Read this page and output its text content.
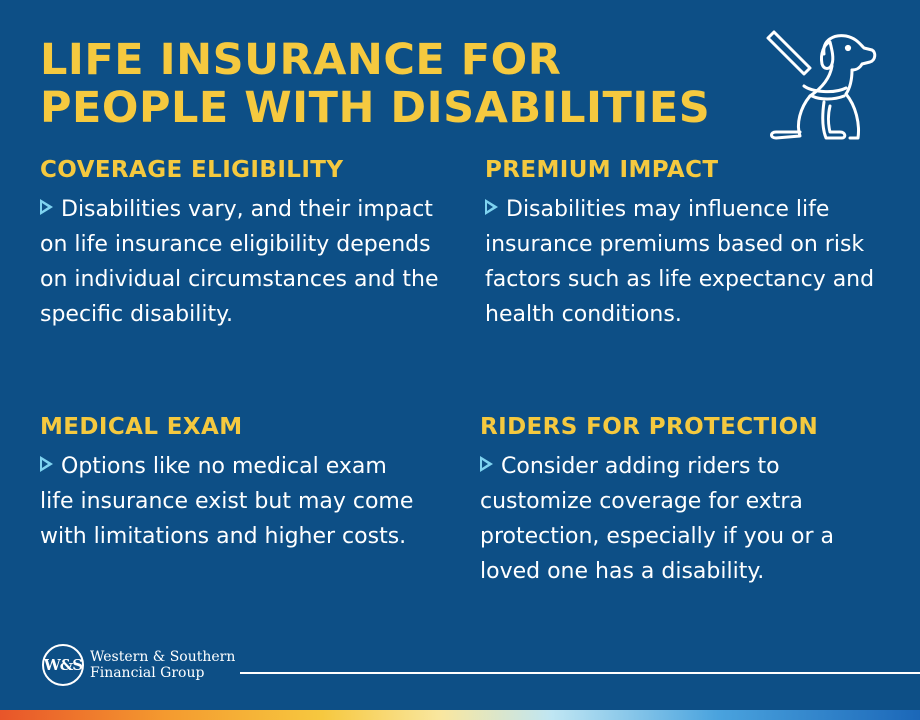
LIFE INSURANCE FOR
PEOPLE WITH DISABILITIES
COVERAGE ELIGIBILITY

Disabilities vary, and their impact on life insurance eligibility depends on individual circumstances and the specific disability.

PREMIUM IMPACT

Disabilities may influence life insurance premiums based on risk factors such as life expectancy and health conditions.

MEDICAL EXAM

Options like no medical exam life insurance exist but may come with limitations and higher costs.

RIDERS FOR PROTECTION

Consider adding riders to customize coverage for extra protection, especially if you or a loved one has a disability.

W&S Western & Southern
Financial Group
